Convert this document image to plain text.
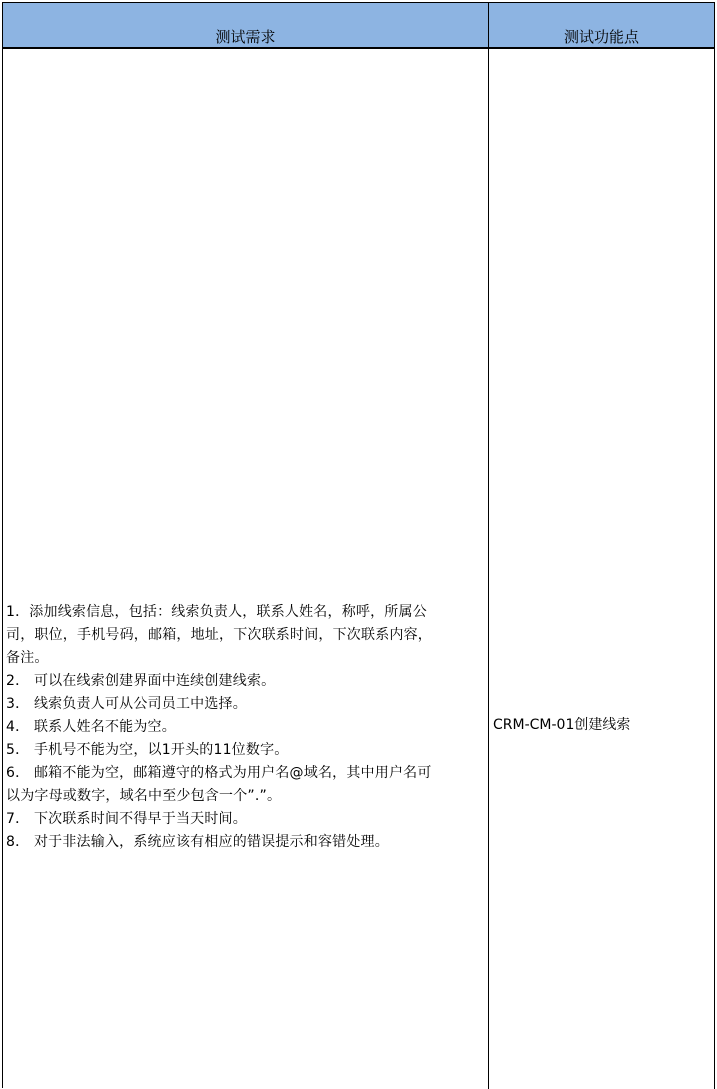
测试需求	测试功能点
1．添加线索信息，包括：线索负责人，联系人姓名，称呼，所属公
司，职位，手机号码，邮箱，地址，下次联系时间，下次联系内容，
备注。
2． 可以在线索创建界面中连续创建线索。
3． 线索负责人可从公司员工中选择。
4． 联系人姓名不能为空。
5． 手机号不能为空，以1开头的11位数字。
6． 邮箱不能为空，邮箱遵守的格式为用户名@域名，其中用户名可
以为字母或数字，域名中至少包含一个”.”。
7． 下次联系时间不得早于当天时间。
8． 对于非法输入，系统应该有相应的错误提示和容错处理。
CRM-CM-01创建线索
